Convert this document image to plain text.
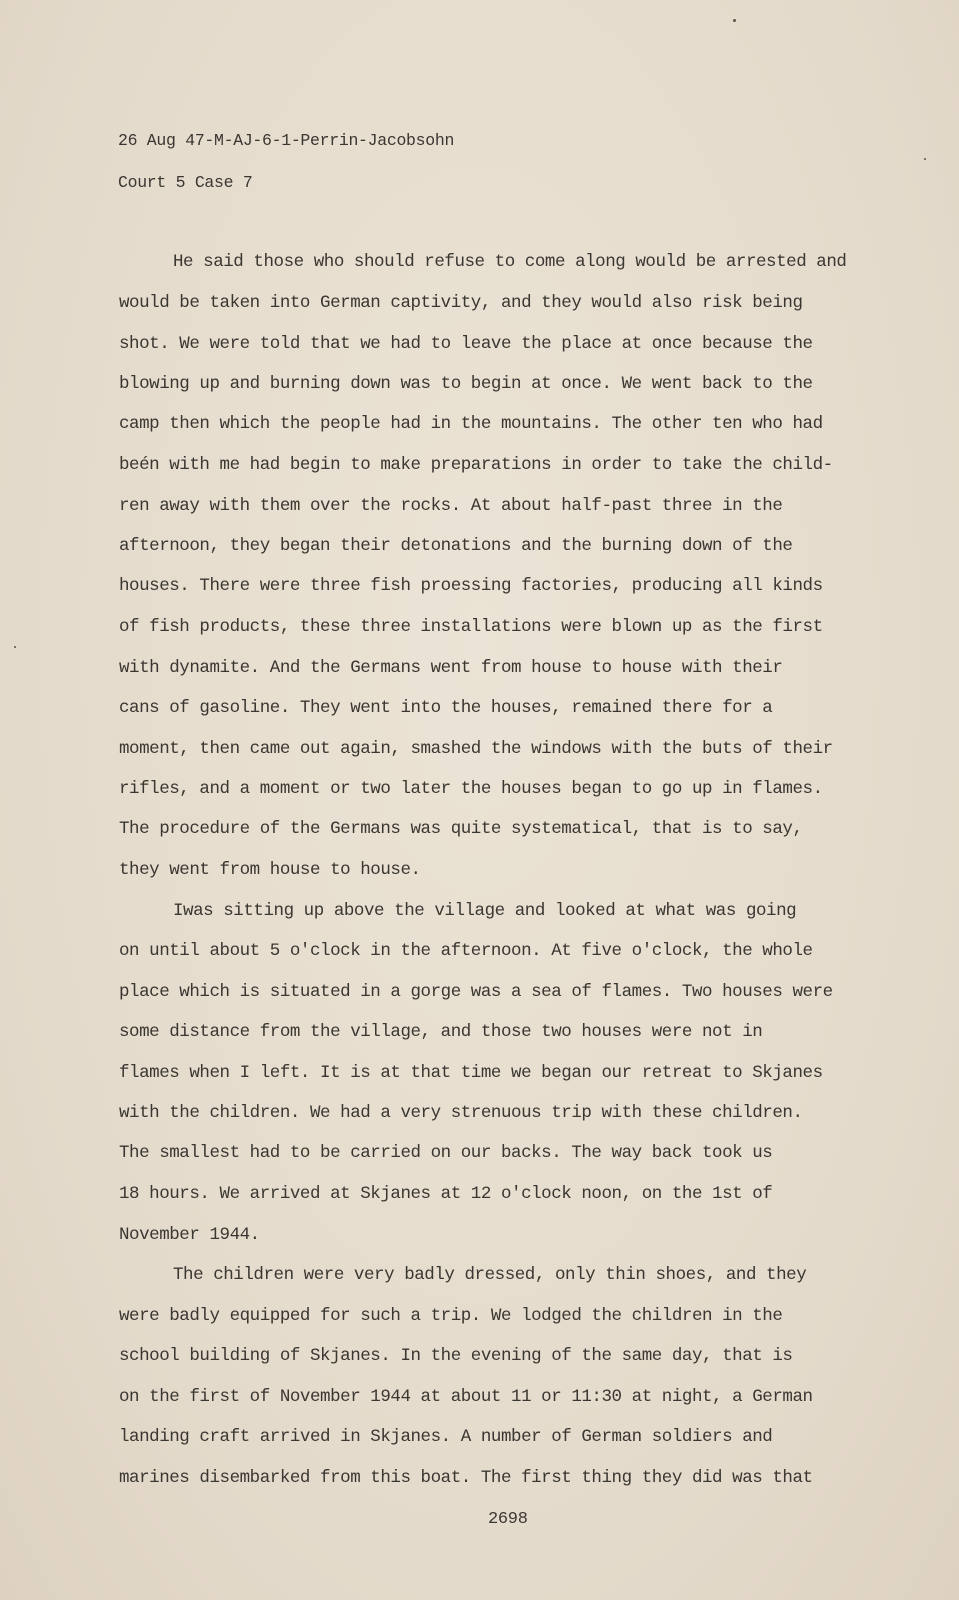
26 Aug 47-M-AJ-6-1-Perrin-Jacobsohn
Court 5 Case 7
He said those who should refuse to come along would be arrested and
would be taken into German captivity, and they would also risk being
shot. We were told that we had to leave the place at once because the
blowing up and burning down was to begin at once. We went back to the
camp then which the people had in the mountains. The other ten who had
beén with me had begin to make preparations in order to take the child-
ren away with them over the rocks. At about half-past three in the
afternoon, they began their detonations and the burning down of the
houses. There were three fish proessing factories, producing all kinds
of fish products, these three installations were blown up as the first
with dynamite. And the Germans went from house to house with their
cans of gasoline. They went into the houses, remained there for a
moment, then came out again, smashed the windows with the buts of their
rifles, and a moment or two later the houses began to go up in flames.
The procedure of the Germans was quite systematical, that is to say,
they went from house to house.
Iwas sitting up above the village and looked at what was going
on until about 5 o'clock in the afternoon. At five o'clock, the whole
place which is situated in a gorge was a sea of flames. Two houses were
some distance from the village, and those two houses were not in
flames when I left. It is at that time we began our retreat to Skjanes
with the children. We had a very strenuous trip with these children.
The smallest had to be carried on our backs. The way back took us
18 hours. We arrived at Skjanes at 12 o'clock noon, on the 1st of
November 1944.
The children were very badly dressed, only thin shoes, and they
were badly equipped for such a trip. We lodged the children in the
school building of Skjanes. In the evening of the same day, that is
on the first of November 1944 at about 11 or 11:30 at night, a German
landing craft arrived in Skjanes. A number of German soldiers and
marines disembarked from this boat. The first thing they did was that
2698
